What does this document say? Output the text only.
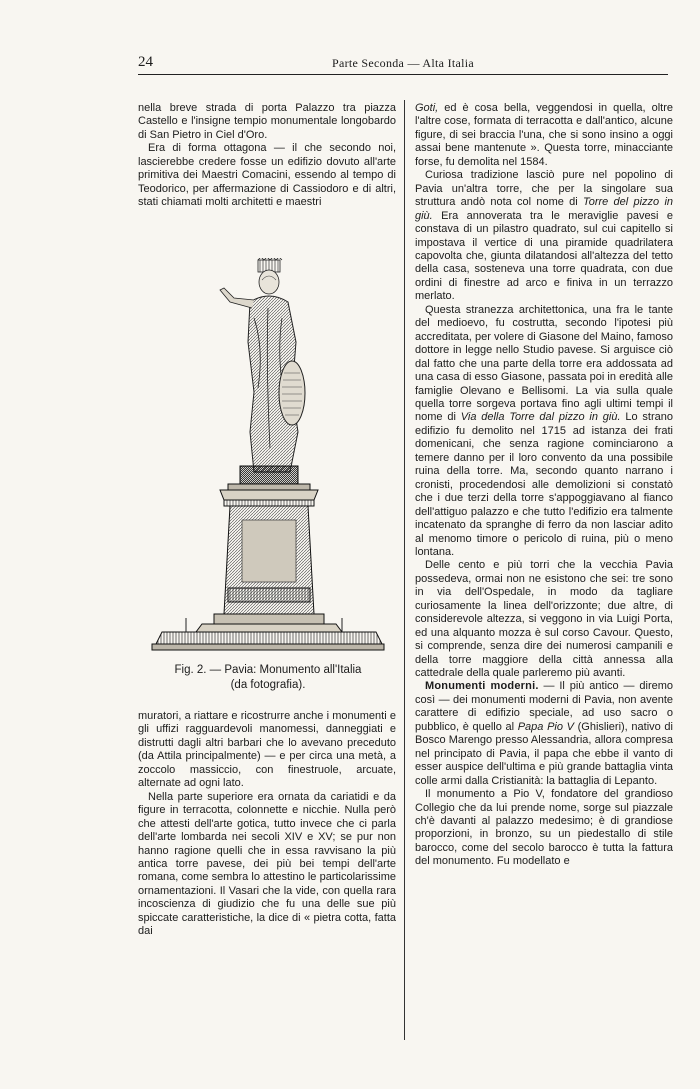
24	Parte Seconda — Alta Italia

nella breve strada di porta Palazzo tra piazza Castello e l'insigne tempio monumentale longobardo di San Pietro in Ciel d'Oro.

Era di forma ottagona — il che secondo noi, lascierebbe credere fosse un edifizio dovuto all'arte primitiva dei Maestri Comacini, essendo al tempo di Teodorico, per affermazione di Cassiodoro e di altri, stati chiamati molti architetti e maestri

Fig. 2. — Pavia: Monumento all'Italia
(da fotografia).

muratori, a riattare e ricostrurre anche i monumenti e gli uffizi ragguardevoli manomessi, danneggiati e distrutti dagli altri barbari che lo avevano preceduto (da Attila principalmente) — e per circa una metà, a zoccolo massiccio, con finestruole, arcuate, alternate ad ogni lato.

Nella parte superiore era ornata da cariatidi e da figure in terracotta, colonnette e nicchie. Nulla però che attesti dell'arte gotica, tutto invece che ci parla dell'arte lombarda nei secoli XIV e XV; se pur non hanno ragione quelli che in essa ravvisano la più antica torre pavese, dei più bei tempi dell'arte romana, come sembra lo attestino le particolarissime ornamentazioni. Il Vasari che la vide, con quella rara incoscienza di giudizio che fu una delle sue più spiccate caratteristiche, la dice di « pietra cotta, fatta dai

Goti, ed è cosa bella, veggendosi in quella, oltre l'altre cose, formata di terracotta e dall'antico, alcune figure, di sei braccia l'una, che si sono insino a oggi assai bene mantenute ». Questa torre, minacciante forse, fu demolita nel 1584.

Curiosa tradizione lasciò pure nel popolino di Pavia un'altra torre, che per la singolare sua struttura andò nota col nome di Torre del pizzo in giù. Era annoverata tra le meraviglie pavesi e constava di un pilastro quadrato, sul cui capitello si impostava il vertice di una piramide quadrilatera capovolta che, giunta dilatandosi all'altezza del tetto della casa, sosteneva una torre quadrata, con due ordini di finestre ad arco e finiva in un terrazzo merlato.

Questa stranezza architettonica, una fra le tante del medioevo, fu costrutta, secondo l'ipotesi più accreditata, per volere di Giasone del Maino, famoso dottore in legge nello Studio pavese. Si arguisce ciò dal fatto che una parte della torre era addossata ad una casa di esso Giasone, passata poi in eredità alle famiglie Olevano e Bellisomi. La via sulla quale quella torre sorgeva portava fino agli ultimi tempi il nome di Via della Torre dal pizzo in giù. Lo strano edifizio fu demolito nel 1715 ad istanza dei frati domenicani, che senza ragione cominciarono a temere danno per il loro convento da una possibile ruina della torre. Ma, secondo quanto narrano i cronisti, procedendosi alle demolizioni si constatò che i due terzi della torre s'appoggiavano al fianco dell'attiguo palazzo e che tutto l'edifizio era talmente incatenato da spranghe di ferro da non lasciar adito al menomo timore o pericolo di ruina, più o meno lontana.

Delle cento e più torri che la vecchia Pavia possedeva, ormai non ne esistono che sei: tre sono in via dell'Ospedale, in modo da tagliare curiosamente la linea dell'orizzonte; due altre, di considerevole altezza, si veggono in via Luigi Porta, ed una alquanto mozza è sul corso Cavour. Questo, si comprende, senza dire dei numerosi campanili e della torre maggiore della città annessa alla cattedrale della quale parleremo più avanti.

Monumenti moderni. — Il più antico — diremo così — dei monumenti moderni di Pavia, non avente carattere di edifizio speciale, ad uso sacro o pubblico, è quello al Papa Pio V (Ghislieri), nativo di Bosco Marengo presso Alessandria, allora compresa nel principato di Pavia, il papa che ebbe il vanto di esser auspice dell'ultima e più grande battaglia vinta colle armi dalla Cristianità: la battaglia di Lepanto.

Il monumento a Pio V, fondatore del grandioso Collegio che da lui prende nome, sorge sul piazzale ch'è davanti al palazzo medesimo; è di grandiose proporzioni, in bronzo, su un piedestallo di stile barocco, come del secolo barocco è tutta la fattura del monumento. Fu modellato e
